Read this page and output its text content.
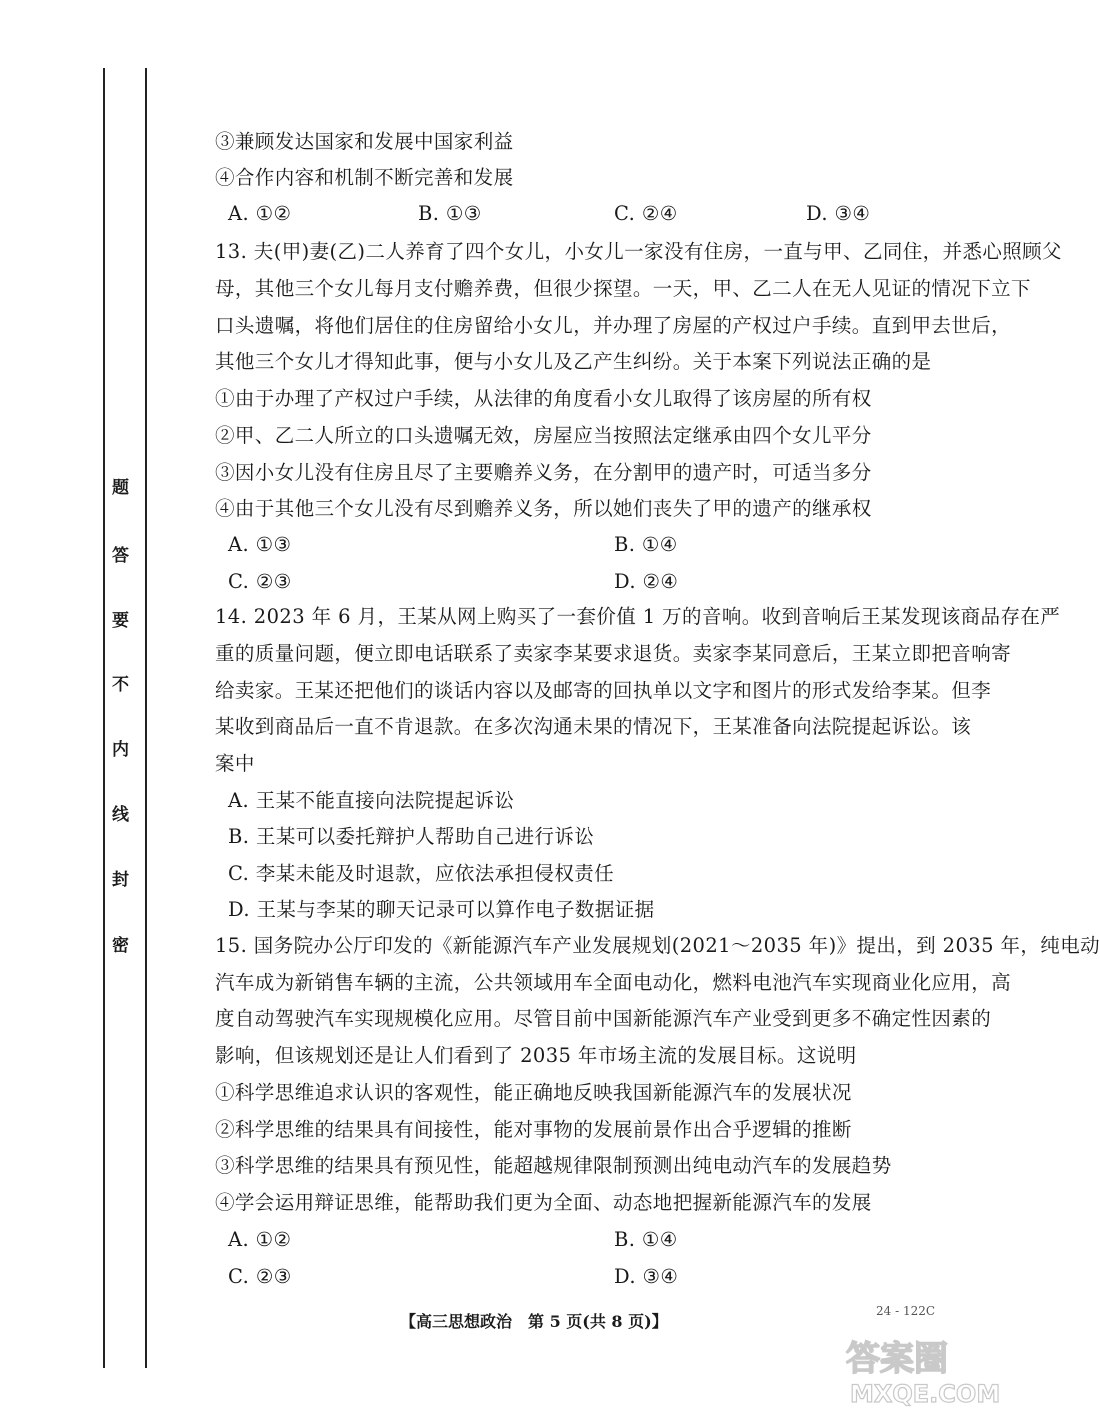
题
答
要
不
内
线
封
密
③兼顾发达国家和发展中国家利益
④合作内容和机制不断完善和发展
A. ①②	B. ①③	C. ②④	D. ③④
13. 夫(甲)妻(乙)二人养育了四个女儿，小女儿一家没有住房，一直与甲、乙同住，并悉心照顾父
母，其他三个女儿每月支付赡养费，但很少探望。一天，甲、乙二人在无人见证的情况下立下
口头遗嘱，将他们居住的住房留给小女儿，并办理了房屋的产权过户手续。直到甲去世后，
其他三个女儿才得知此事，便与小女儿及乙产生纠纷。关于本案下列说法正确的是
①由于办理了产权过户手续，从法律的角度看小女儿取得了该房屋的所有权
②甲、乙二人所立的口头遗嘱无效，房屋应当按照法定继承由四个女儿平分
③因小女儿没有住房且尽了主要赡养义务，在分割甲的遗产时，可适当多分
④由于其他三个女儿没有尽到赡养义务，所以她们丧失了甲的遗产的继承权
A. ①③	B. ①④
C. ②③	D. ②④
14. 2023 年 6 月，王某从网上购买了一套价值 1 万的音响。收到音响后王某发现该商品存在严
重的质量问题，便立即电话联系了卖家李某要求退货。卖家李某同意后，王某立即把音响寄
给卖家。王某还把他们的谈话内容以及邮寄的回执单以文字和图片的形式发给李某。但李
某收到商品后一直不肯退款。在多次沟通未果的情况下，王某准备向法院提起诉讼。该
案中
A. 王某不能直接向法院提起诉讼
B. 王某可以委托辩护人帮助自己进行诉讼
C. 李某未能及时退款，应依法承担侵权责任
D. 王某与李某的聊天记录可以算作电子数据证据
15. 国务院办公厅印发的《新能源汽车产业发展规划(2021～2035 年)》提出，到 2035 年，纯电动
汽车成为新销售车辆的主流，公共领域用车全面电动化，燃料电池汽车实现商业化应用，高
度自动驾驶汽车实现规模化应用。尽管目前中国新能源汽车产业受到更多不确定性因素的
影响，但该规划还是让人们看到了 2035 年市场主流的发展目标。这说明
①科学思维追求认识的客观性，能正确地反映我国新能源汽车的发展状况
②科学思维的结果具有间接性，能对事物的发展前景作出合乎逻辑的推断
③科学思维的结果具有预见性，能超越规律限制预测出纯电动汽车的发展趋势
④学会运用辩证思维，能帮助我们更为全面、动态地把握新能源汽车的发展
A. ①②	B. ①④
C. ②③	D. ③④
【高三思想政治　第 5 页(共 8 页)】
24 - 122C
答案圈
MXQE.COM
